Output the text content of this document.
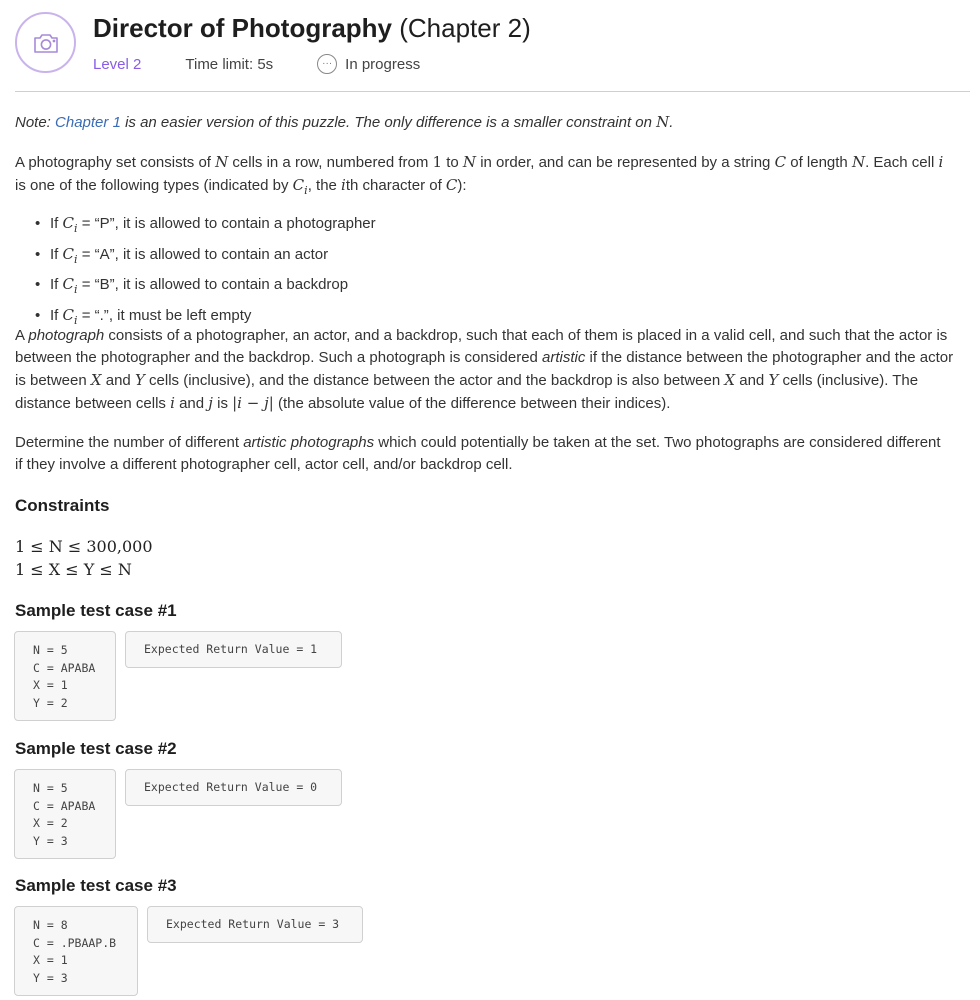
Director of Photography (Chapter 2)
Level 2	Time limit: 5s	··· In progress
Note: Chapter 1 is an easier version of this puzzle. The only difference is a smaller constraint on N.
A photography set consists of N cells in a row, numbered from 1 to N in order, and can be represented by a string C of length N. Each cell i
is one of the following types (indicated by $C_i$, the ith character of C):
• If $C_i$ = “P”, it is allowed to contain a photographer
• If $C_i$ = “A”, it is allowed to contain an actor
• If $C_i$ = “B”, it is allowed to contain a backdrop
• If $C_i$ = “.”, it must be left empty
A photograph consists of a photographer, an actor, and a backdrop, such that each of them is placed in a valid cell, and such that the actor is
between the photographer and the backdrop. Such a photograph is considered artistic if the distance between the photographer and the actor
is between X and Y cells (inclusive), and the distance between the actor and the backdrop is also between X and Y cells (inclusive). The
distance between cells i and j is |i − j| (the absolute value of the difference between their indices).
Determine the number of different artistic photographs which could potentially be taken at the set. Two photographs are considered different
if they involve a different photographer cell, actor cell, and/or backdrop cell.
Constraints
1 ≤ N ≤ 300,000
1 ≤ X ≤ Y ≤ N
Sample test case #1
N = 5
C = APABA
X = 1
Y = 2
Expected Return Value = 1
Sample test case #2
N = 5
C = APABA
X = 2
Y = 3
Expected Return Value = 0
Sample test case #3
N = 8
C = .PBAAP.B
X = 1
Y = 3
Expected Return Value = 3
